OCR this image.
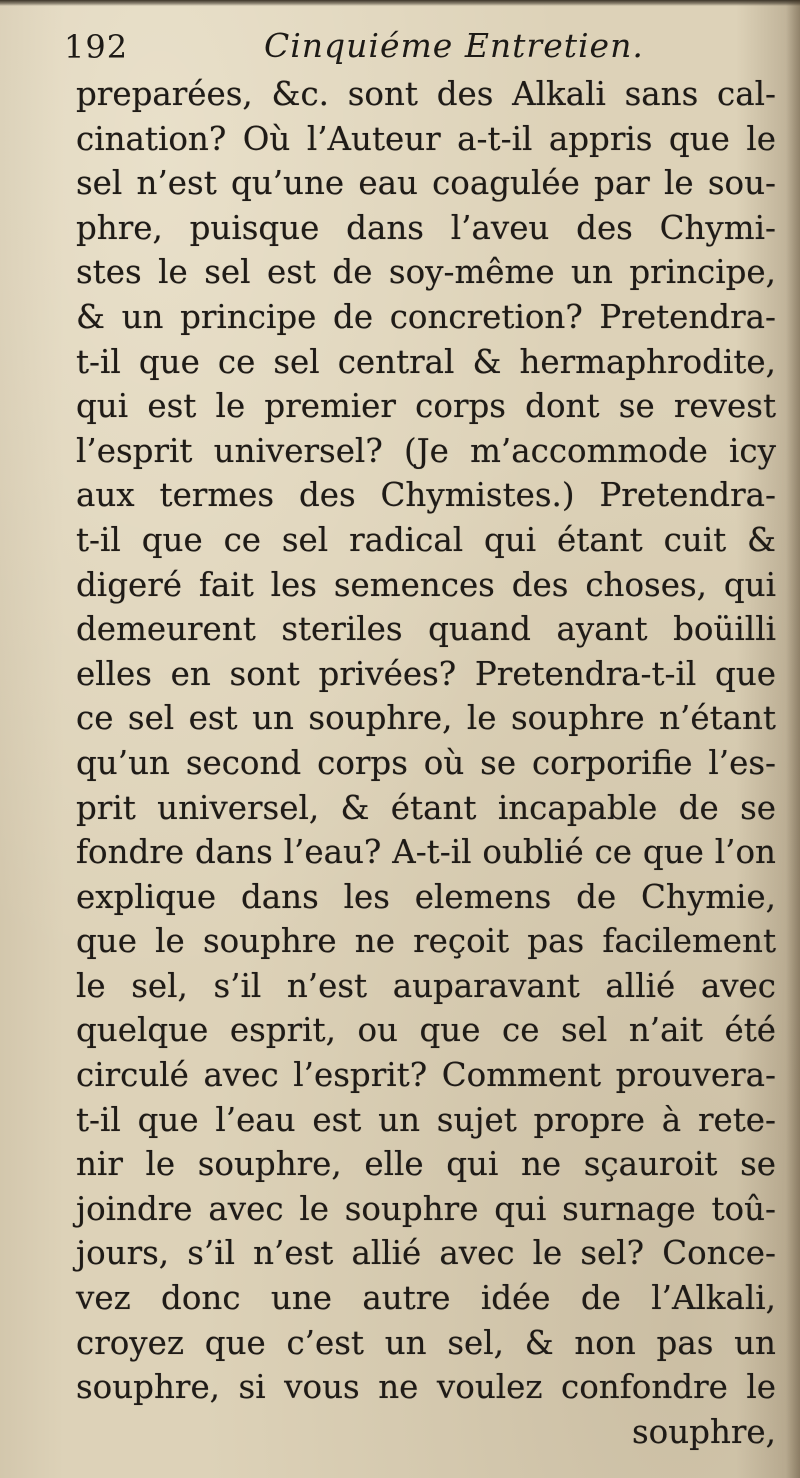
192	Cinquiéme Entretien.
preparées, &c. sont des Alkali sans cal-
cination? Où l’Auteur a-t-il appris que le
sel n’est qu’une eau coagulée par le sou-
phre, puisque dans l’aveu des Chymi-
stes le sel est de soy-même un principe,
& un principe de concretion? Pretendra-
t-il que ce sel central & hermaphrodite,
qui est le premier corps dont se revest
l’esprit universel? (Je m’accommode icy
aux termes des Chymistes.) Pretendra-
t-il que ce sel radical qui étant cuit &
digeré fait les semences des choses, qui
demeurent steriles quand ayant boüilli
elles en sont privées? Pretendra-t-il que
ce sel est un souphre, le souphre n’étant
qu’un second corps où se corporifie l’es-
prit universel, & étant incapable de se
fondre dans l’eau? A-t-il oublié ce que l’on
explique dans les elemens de Chymie,
que le souphre ne reçoit pas facilement
le sel, s’il n’est auparavant allié avec
quelque esprit, ou que ce sel n’ait été
circulé avec l’esprit? Comment prouvera-
t-il que l’eau est un sujet propre à rete-
nir le souphre, elle qui ne sçauroit se
joindre avec le souphre qui surnage toû-
jours, s’il n’est allié avec le sel? Conce-
vez donc une autre idée de l’Alkali,
croyez que c’est un sel, & non pas un
souphre, si vous ne voulez confondre le
souphre,
